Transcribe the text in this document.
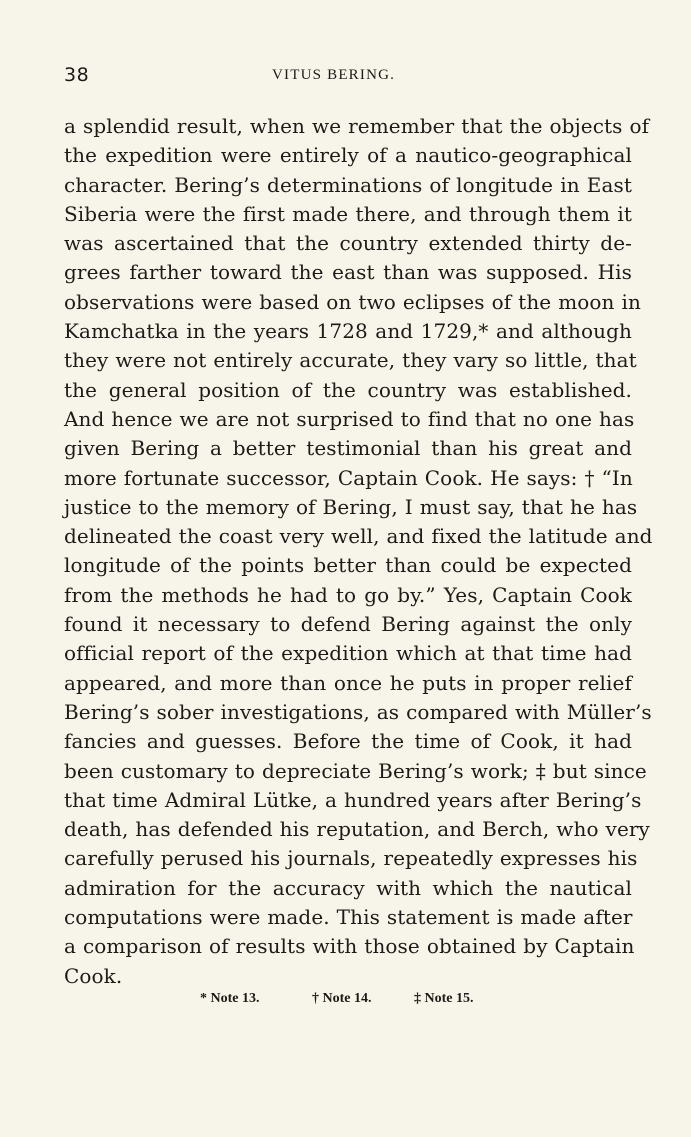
38	VITUS BERING.
a splendid result, when we remember that the objects of
the expedition were entirely of a nautico-geographical
character. Bering’s determinations of longitude in East
Siberia were the first made there, and through them it
was ascertained that the country extended thirty de-
grees farther toward the east than was supposed. His
observations were based on two eclipses of the moon in
Kamchatka in the years 1728 and 1729,* and although
they were not entirely accurate, they vary so little, that
the general position of the country was established.
And hence we are not surprised to find that no one has
given Bering a better testimonial than his great and
more fortunate successor, Captain Cook. He says: † “In
justice to the memory of Bering, I must say, that he has
delineated the coast very well, and fixed the latitude and
longitude of the points better than could be expected
from the methods he had to go by.” Yes, Captain Cook
found it necessary to defend Bering against the only
official report of the expedition which at that time had
appeared, and more than once he puts in proper relief
Bering’s sober investigations, as compared with Müller’s
fancies and guesses. Before the time of Cook, it had
been customary to depreciate Bering’s work; ‡ but since
that time Admiral Lütke, a hundred years after Bering’s
death, has defended his reputation, and Berch, who very
carefully perused his journals, repeatedly expresses his
admiration for the accuracy with which the nautical
computations were made. This statement is made after
a comparison of results with those obtained by Captain
Cook.
* Note 13.	† Note 14.	‡ Note 15.
